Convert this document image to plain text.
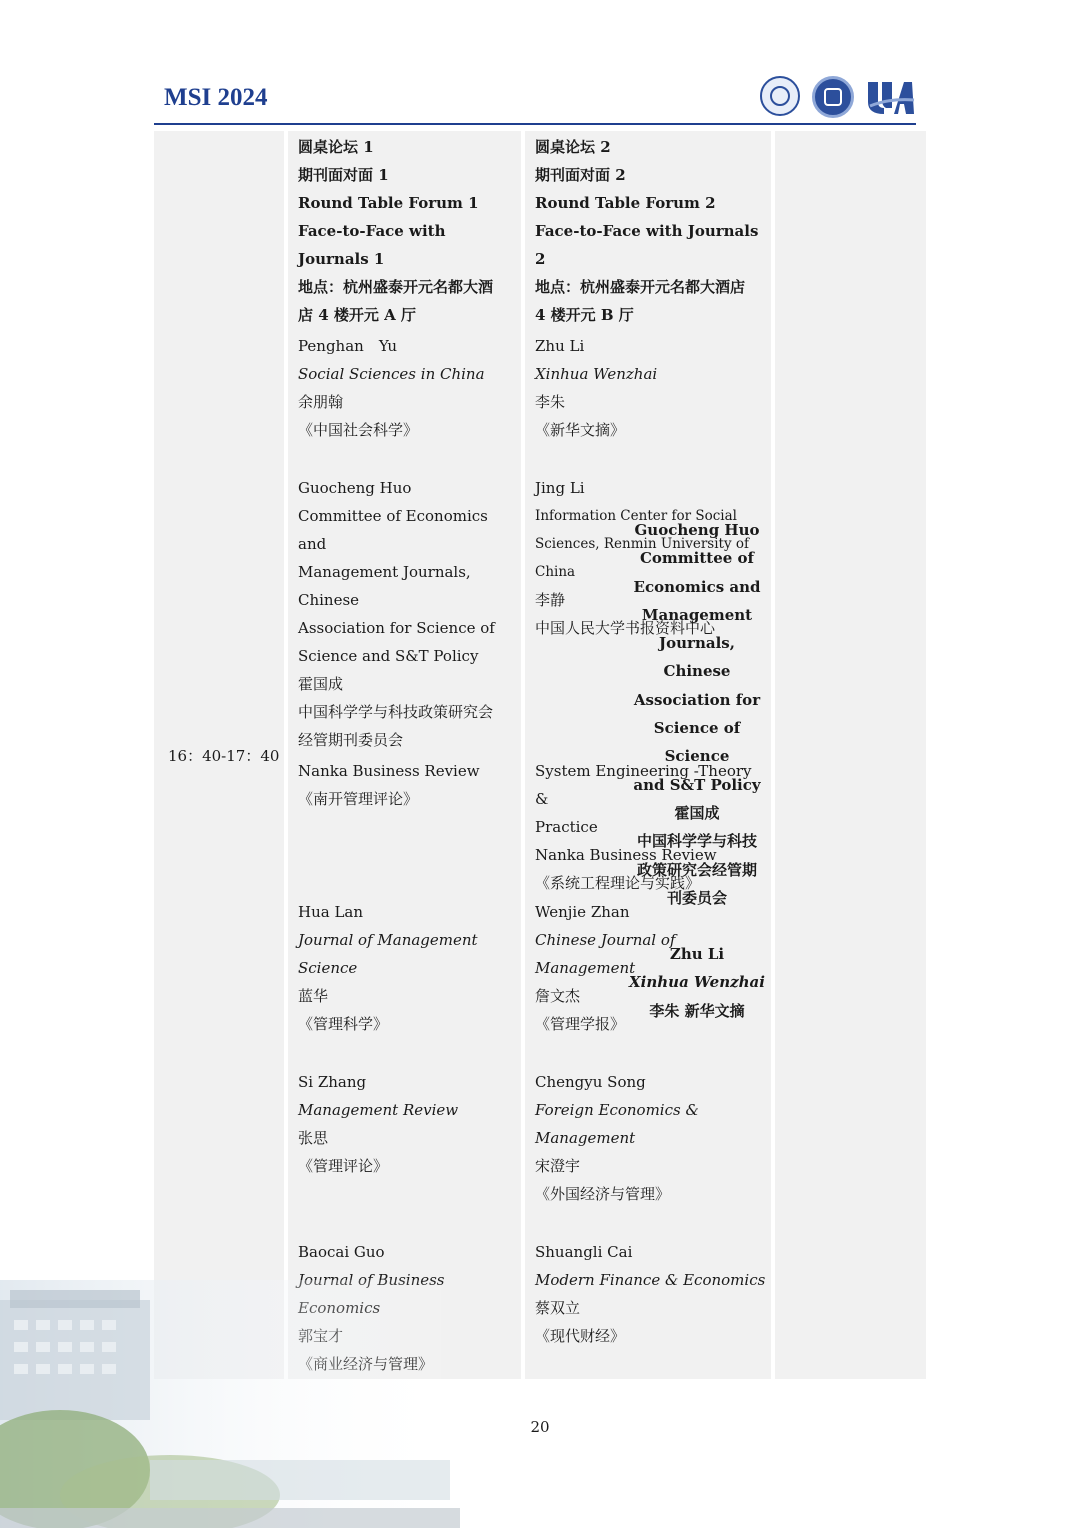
MSI 2024
16：40-17：40
圆桌论坛 1
期刊面对面 1
Round Table Forum 1
Face-to-Face with Journals 1
地点：杭州盛泰开元名都大酒
店 4 楼开元 A 厅
Penghan　Yu
Social Sciences in China
余朋翰
《中国社会科学》
Guocheng Huo
Committee of Economics and
Management Journals, Chinese
Association for Science of
Science and S&T Policy
霍国成
中国科学学与科技政策研究会
经管期刊委员会
Nanka Business Review
《南开管理评论》
Hua Lan
Journal of Management Science
蓝华
《管理科学》
Si Zhang
Management Review
张思
《管理评论》
Baocai Guo
圆桌论坛 2
期刊面对面 2
Round Table Forum 2
Face-to-Face with Journals 2
地点：杭州盛泰开元名都大酒店
4 楼开元 B 厅
Zhu Li
Xinhua Wenzhai
李朱
《新华文摘》
Jing Li
Information Center for Social
Sciences, Renmin University of China
李静
中国人民大学书报资料中心
System Engineering -Theory &
Practice
Nanka Business Review
《系统工程理论与实践》
Wenjie Zhan
Chinese Journal of Management
詹文杰
《管理学报》
Chengyu Song
Foreign Economics & Management
宋澄宇
《外国经济与管理》
Shuangli Cai
Modern Finance & Economics
蔡双立
《现代财经》
Guocheng Huo
Committee of
Economics and
Management
Journals, Chinese
Association for
Science of Science
and S&T Policy
霍国成
中国科学学与科技
政策研究会经管期
刊委员会
Zhu Li
Xinhua Wenzhai
李朱 新华文摘
20
